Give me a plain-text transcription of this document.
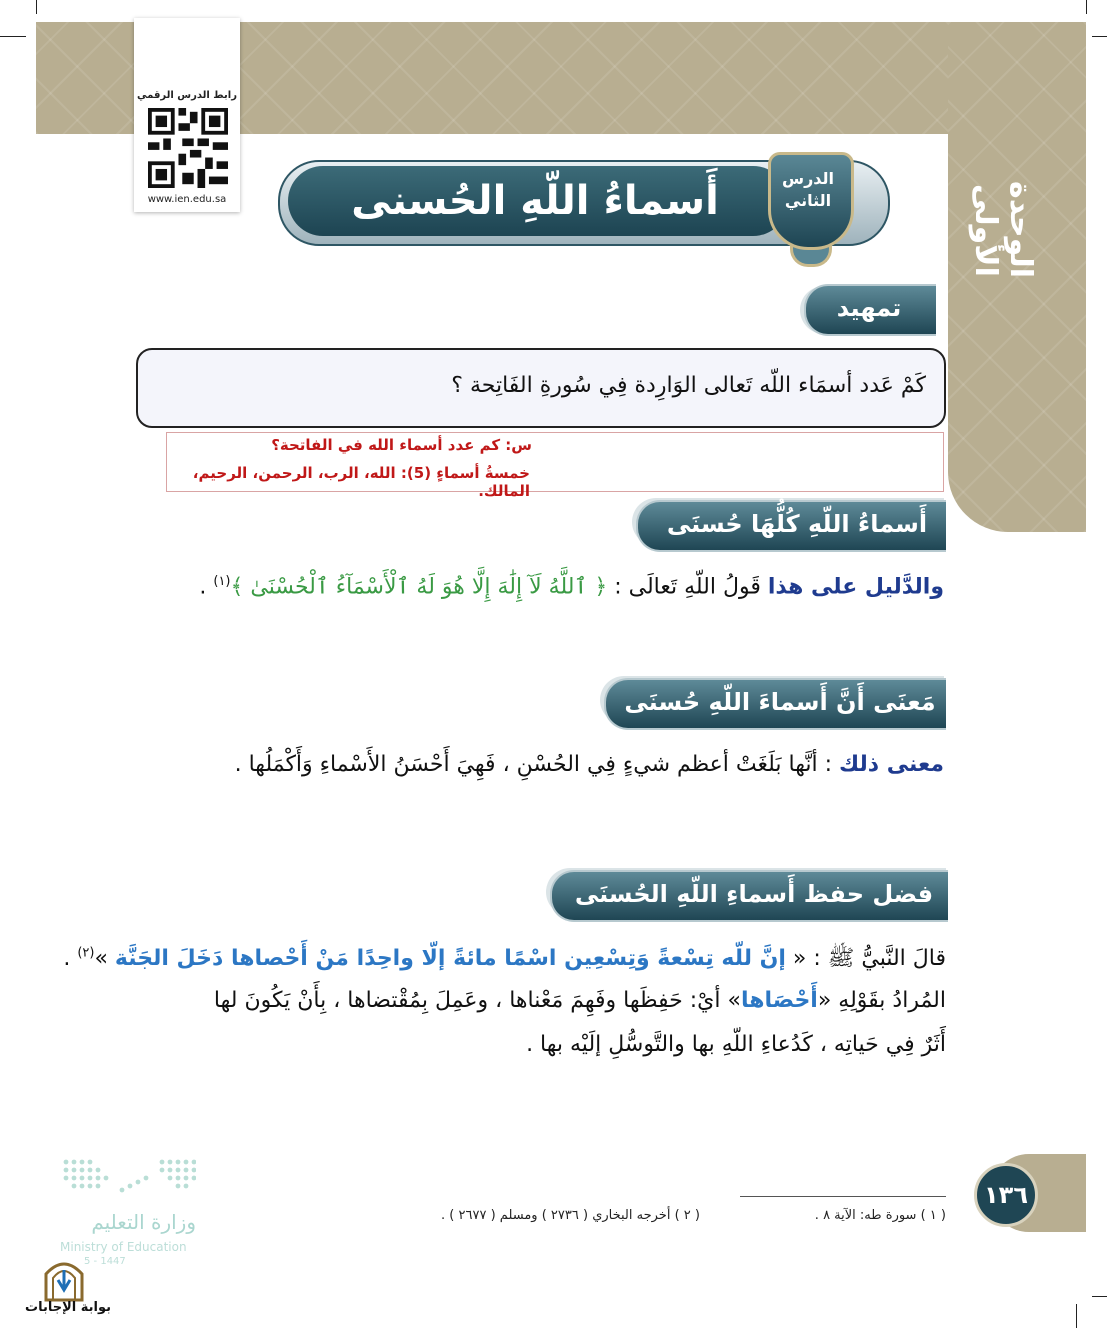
الوحدة الأولى
رابط الدرس الرقمي
www.ien.edu.sa	أَسماءُ اللّهِ الحُسنى	الدرس
الثاني
تمهيد
كَمْ عَدد أسمَاء اللّه تَعالى الوَارِدة فِي سُورةِ الفَاتِحة ؟
س: كم عدد أسماء الله في الفاتحة؟
خمسةُ أسماءٍ (5): الله، الرب، الرحمن، الرحيم، المالك.
أَسماءُ اللّهِ كُلُّهَا حُسنَى
والدَّليل على هذا قَولُ اللّهِ تَعالَى : ﴿ ٱللَّهُ لَآ إِلَٰهَ إِلَّا هُوَ لَهُ ٱلْأَسْمَآءُ ٱلْحُسْنَىٰ ﴾$^{(١)}$ .
مَعنَى أَنَّ أَسماءَ اللّهِ حُسنَى
معنى ذلك : أنَّها بَلَغَتْ أعظم شيءٍ فِي الحُسْنِ ، فَهِيَ أَحْسَنُ الأَسْماءِ وَأَكْمَلُها .
فضل حفظ أَسماءِ اللّهِ الحُسنَى
قالَ النَّبيُّ ﷺ : « إنَّ للّه تِسْعةً وَتِسْعِين اسْمًا مائةً إلّا واحِدًا مَنْ أَحْصاها دَخَلَ الجَنَّة »$^{(٢)}$ .
المُرادُ بقَوْلِهِ «أَحْصَاها» أيْ: حَفِظَها وفَهِمَ مَعْناها ، وعَمِلَ بِمُقْتضاها ، بِأَنْ يَكُونَ لها
أَثَرٌ فِي حَياتِه ، كَدُعاءِ اللّهِ بها والتَّوسُّلِ إلَيْه بها .
( ١ ) سورة طه: الآية ٨ .
( ٢ ) أخرجه البخاري ( ٢٧٣٦ ) ومسلم ( ٢٦٧٧ ) .
١٣٦
وزارة التعليم
Ministry of Education
5 - 1447
بوابة الإجابات
